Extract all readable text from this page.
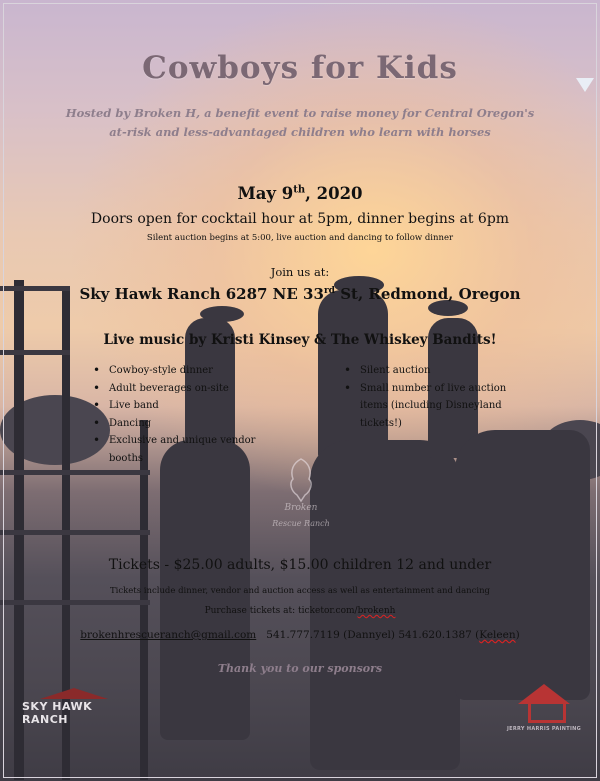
Cowboys for Kids
Hosted by Broken H, a benefit event to raise money for Central Oregon's
at-risk and less-advantaged children who learn with horses
May 9th, 2020
Doors open for cocktail hour at 5pm, dinner begins at 6pm
Silent auction begins at 5:00, live auction and dancing to follow dinner
Join us at:
Sky Hawk Ranch 6287 NE 33rd St, Redmond, Oregon
Live music by Kristi Kinsey & The Whiskey Bandits!
• Cowboy-style dinner
• Adult beverages on-site
• Live band
• Dancing
• Exclusive and unique vendor booths
• Silent auction
• Small number of live auction items (including Disneyland tickets!)
Broken
Rescue Ranch
Tickets - $25.00 adults, $15.00 children 12 and under
Tickets include dinner, vendor and auction access as well as entertainment and dancing
Purchase tickets at: ticketor.com/brokenh
brokenhrescueranch@gmail.com 541.777.7119 (Dannyel) 541.620.1387 (Keleen)
Thank you to our sponsors
SKY HAWK RANCH
JERRY HARRIS PAINTING
